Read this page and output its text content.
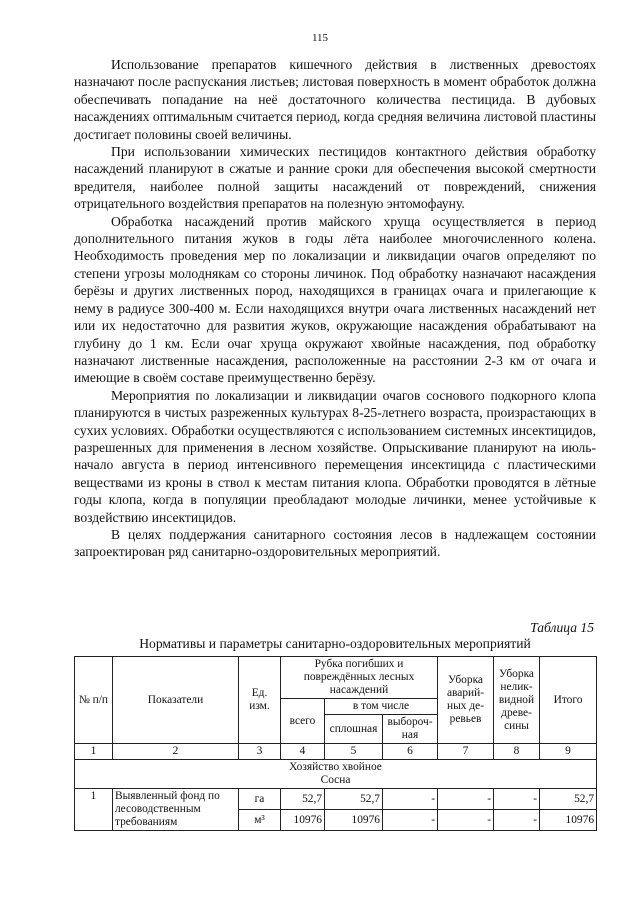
115

Использование препаратов кишечного действия в лиственных древостоях назначают после распускания листьев; листовая поверхность в момент обработок должна обеспечивать попадание на неё достаточного количества пестицида. В дубовых насаждениях оптимальным считается период, когда средняя величина листовой пластины достигает половины своей величины.

При использовании химических пестицидов контактного действия обработку насаждений планируют в сжатые и ранние сроки для обеспечения высокой смертности вредителя, наиболее полной защиты насаждений от повреждений, снижения отрицательного воздействия препаратов на полезную энтомофауну.

Обработка насаждений против майского хруща осуществляется в период дополнительного питания жуков в годы лёта наиболее многочисленного колена. Необходимость проведения мер по локализации и ликвидации очагов определяют по степени угрозы молоднякам со стороны личинок. Под обработку назначают насаждения берёзы и других лиственных пород, находящихся в границах очага и прилегающие к нему в радиусе 300-400 м. Если находящихся внутри очага лиственных насаждений нет или их недостаточно для развития жуков, окружающие насаждения обрабатывают на глубину до 1 км. Если очаг хруща окружают хвойные насаждения, под обработку назначают лиственные насаждения, расположенные на расстоянии 2-3 км от очага и имеющие в своём составе преимущественно берёзу.

Мероприятия по локализации и ликвидации очагов соснового подкорного клопа планируются в чистых разреженных культурах 8-25-летнего возраста, произрастающих в сухих условиях. Обработки осуществляются с использованием системных инсектицидов, разрешенных для применения в лесном хозяйстве. Опрыскивание планируют на июль-начало августа в период интенсивного перемещения инсектицида с пластическими веществами из кроны в ствол к местам питания клопа. Обработки проводятся в лётные годы клопа, когда в популяции преобладают молодые личинки, менее устойчивые к воздействию инсектицидов.

В целях поддержания санитарного состояния лесов в надлежащем состоянии запроектирован ряд санитарно-оздоровительных мероприятий.

Таблица 15
Нормативы и параметры санитарно-оздоровительных мероприятий
№ п/п	Показатели	Ед. изм.	Рубка погибших и повреждённых лесных насаждений			Уборка аварий-ных де-ревьев	Уборка нелик-видной древе-сины	Итого
			всего	в том числе				
				сплошная	выбороч-ная			
1	2	3	4	5	6	7	8	9

Хозяйство хвойное
Сосна								

1	Выявленный фонд по лесоводственным требованиям	га	52,7	52,7	-	-	-	52,7
		м³	10976	10976	-	-	-	10976
